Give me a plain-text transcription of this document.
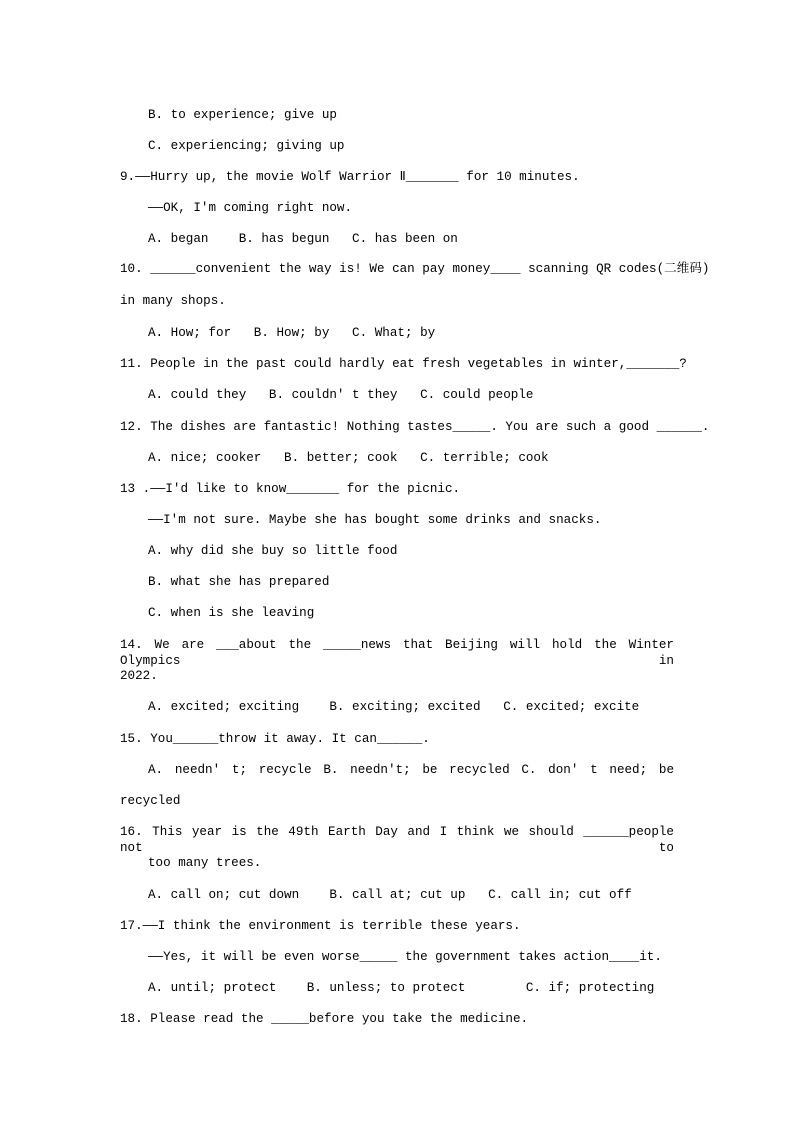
B. to experience; give up
C. experiencing; giving up
9.——Hurry up, the movie Wolf Warrior Ⅱ_______ for 10 minutes.
——OK, I'm coming right now.
A. began    B. has begun   C. has been on
10. ______convenient the way is! We can pay money____ scanning QR codes(二维码)
in many shops.
A. How; for   B. How; by   C. What; by
11. People in the past could hardly eat fresh vegetables in winter,_______?
A. could they   B. couldn' t they   C. could people
12. The dishes are fantastic! Nothing tastes_____. You are such a good ______.
A. nice; cooker   B. better; cook   C. terrible; cook
13 .——I'd like to know_______ for the picnic.
——I'm not sure. Maybe she has bought some drinks and snacks.
A. why did she buy so little food
B. what she has prepared
C. when is she leaving
14. We are ___about the _____news that Beijing will hold the Winter Olympics in
2022.
A. excited; exciting    B. exciting; excited   C. excited; excite
15. You______throw it away. It can______.
A. needn' t; recycle B. needn't; be recycled C. don' t need; be
recycled
16. This year is the 49th Earth Day and I think we should ______people not to
too many trees.
A. call on; cut down    B. call at; cut up   C. call in; cut off
17.——I think the environment is terrible these years.
——Yes, it will be even worse_____ the government takes action____it.
A. until; protect    B. unless; to protect        C. if; protecting
18. Please read the _____before you take the medicine.
